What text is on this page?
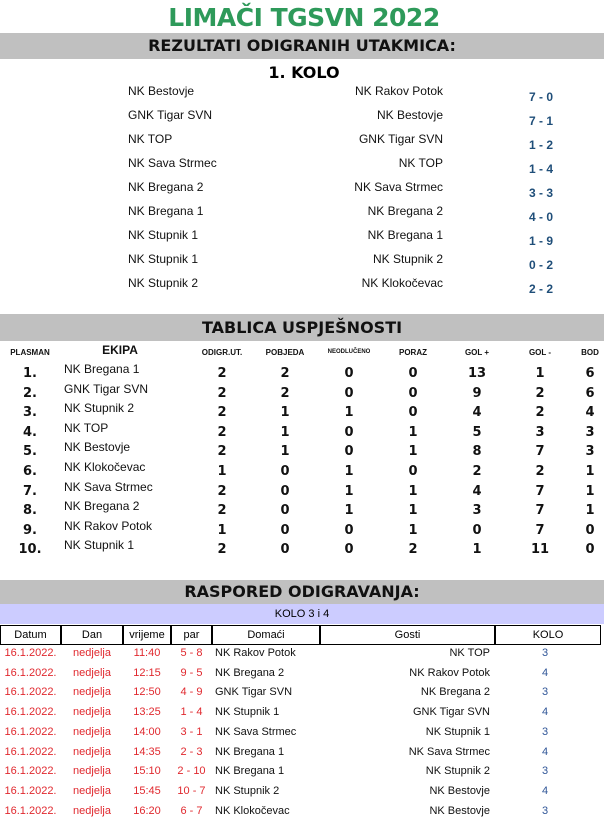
LIMAČI TGSVN 2022
REZULTATI ODIGRANIH UTAKMICA:
1. KOLO
NK Bestovje	NK Rakov Potok	7 - 0
GNK Tigar SVN	NK Bestovje	7 - 1
NK TOP	GNK Tigar SVN	1 - 2
NK Sava Strmec	NK TOP	1 - 4
NK Bregana 2	NK Sava Strmec	3 - 3
NK Bregana 1	NK Bregana 2	4 - 0
NK Stupnik 1	NK Bregana 1	1 - 9
NK Stupnik 1	NK Stupnik 2	0 - 2
NK Stupnik 2	NK Klokočevac	2 - 2
TABLICA USPJEŠNOSTI
PLASMAN	EKIPA	ODIGR.UT.	POBJEDA	NEODLUČENO	PORAZ	GOL +	GOL -	BOD
1.	NK Bregana 1	2	2	0	0	13	1	6
2.	GNK Tigar SVN	2	2	0	0	9	2	6
3.	NK Stupnik 2	2	1	1	0	4	2	4
4.	NK TOP	2	1	0	1	5	3	3
5.	NK Bestovje	2	1	0	1	8	7	3
6.	NK Klokočevac	1	0	1	0	2	2	1
7.	NK Sava Strmec	2	0	1	1	4	7	1
8.	NK Bregana 2	2	0	1	1	3	7	1
9.	NK Rakov Potok	1	0	0	1	0	7	0
10.	NK Stupnik 1	2	0	0	2	1	11	0
RASPORED ODIGRAVANJA:
KOLO 3 i 4
Datum	Dan	vrijeme	par	Domaći	Gosti	KOLO
16.1.2022.	nedjelja	11:40	5 - 8	NK Rakov Potok	NK TOP	3
16.1.2022.	nedjelja	12:15	9 - 5	NK Bregana 2	NK Rakov Potok	4
16.1.2022.	nedjelja	12:50	4 - 9	GNK Tigar SVN	NK Bregana 2	3
16.1.2022.	nedjelja	13:25	1 - 4	NK Stupnik 1	GNK Tigar SVN	4
16.1.2022.	nedjelja	14:00	3 - 1	NK Sava Strmec	NK Stupnik 1	3
16.1.2022.	nedjelja	14:35	2 - 3	NK Bregana 1	NK Sava Strmec	4
16.1.2022.	nedjelja	15:10	2 - 10 NK Bregana 1	NK Stupnik 2	3
16.1.2022.	nedjelja	15:45	10 - 7 NK Stupnik 2	NK Bestovje	4
16.1.2022.	nedjelja	16:20	6 - 7	NK Klokočevac	NK Bestovje	3
